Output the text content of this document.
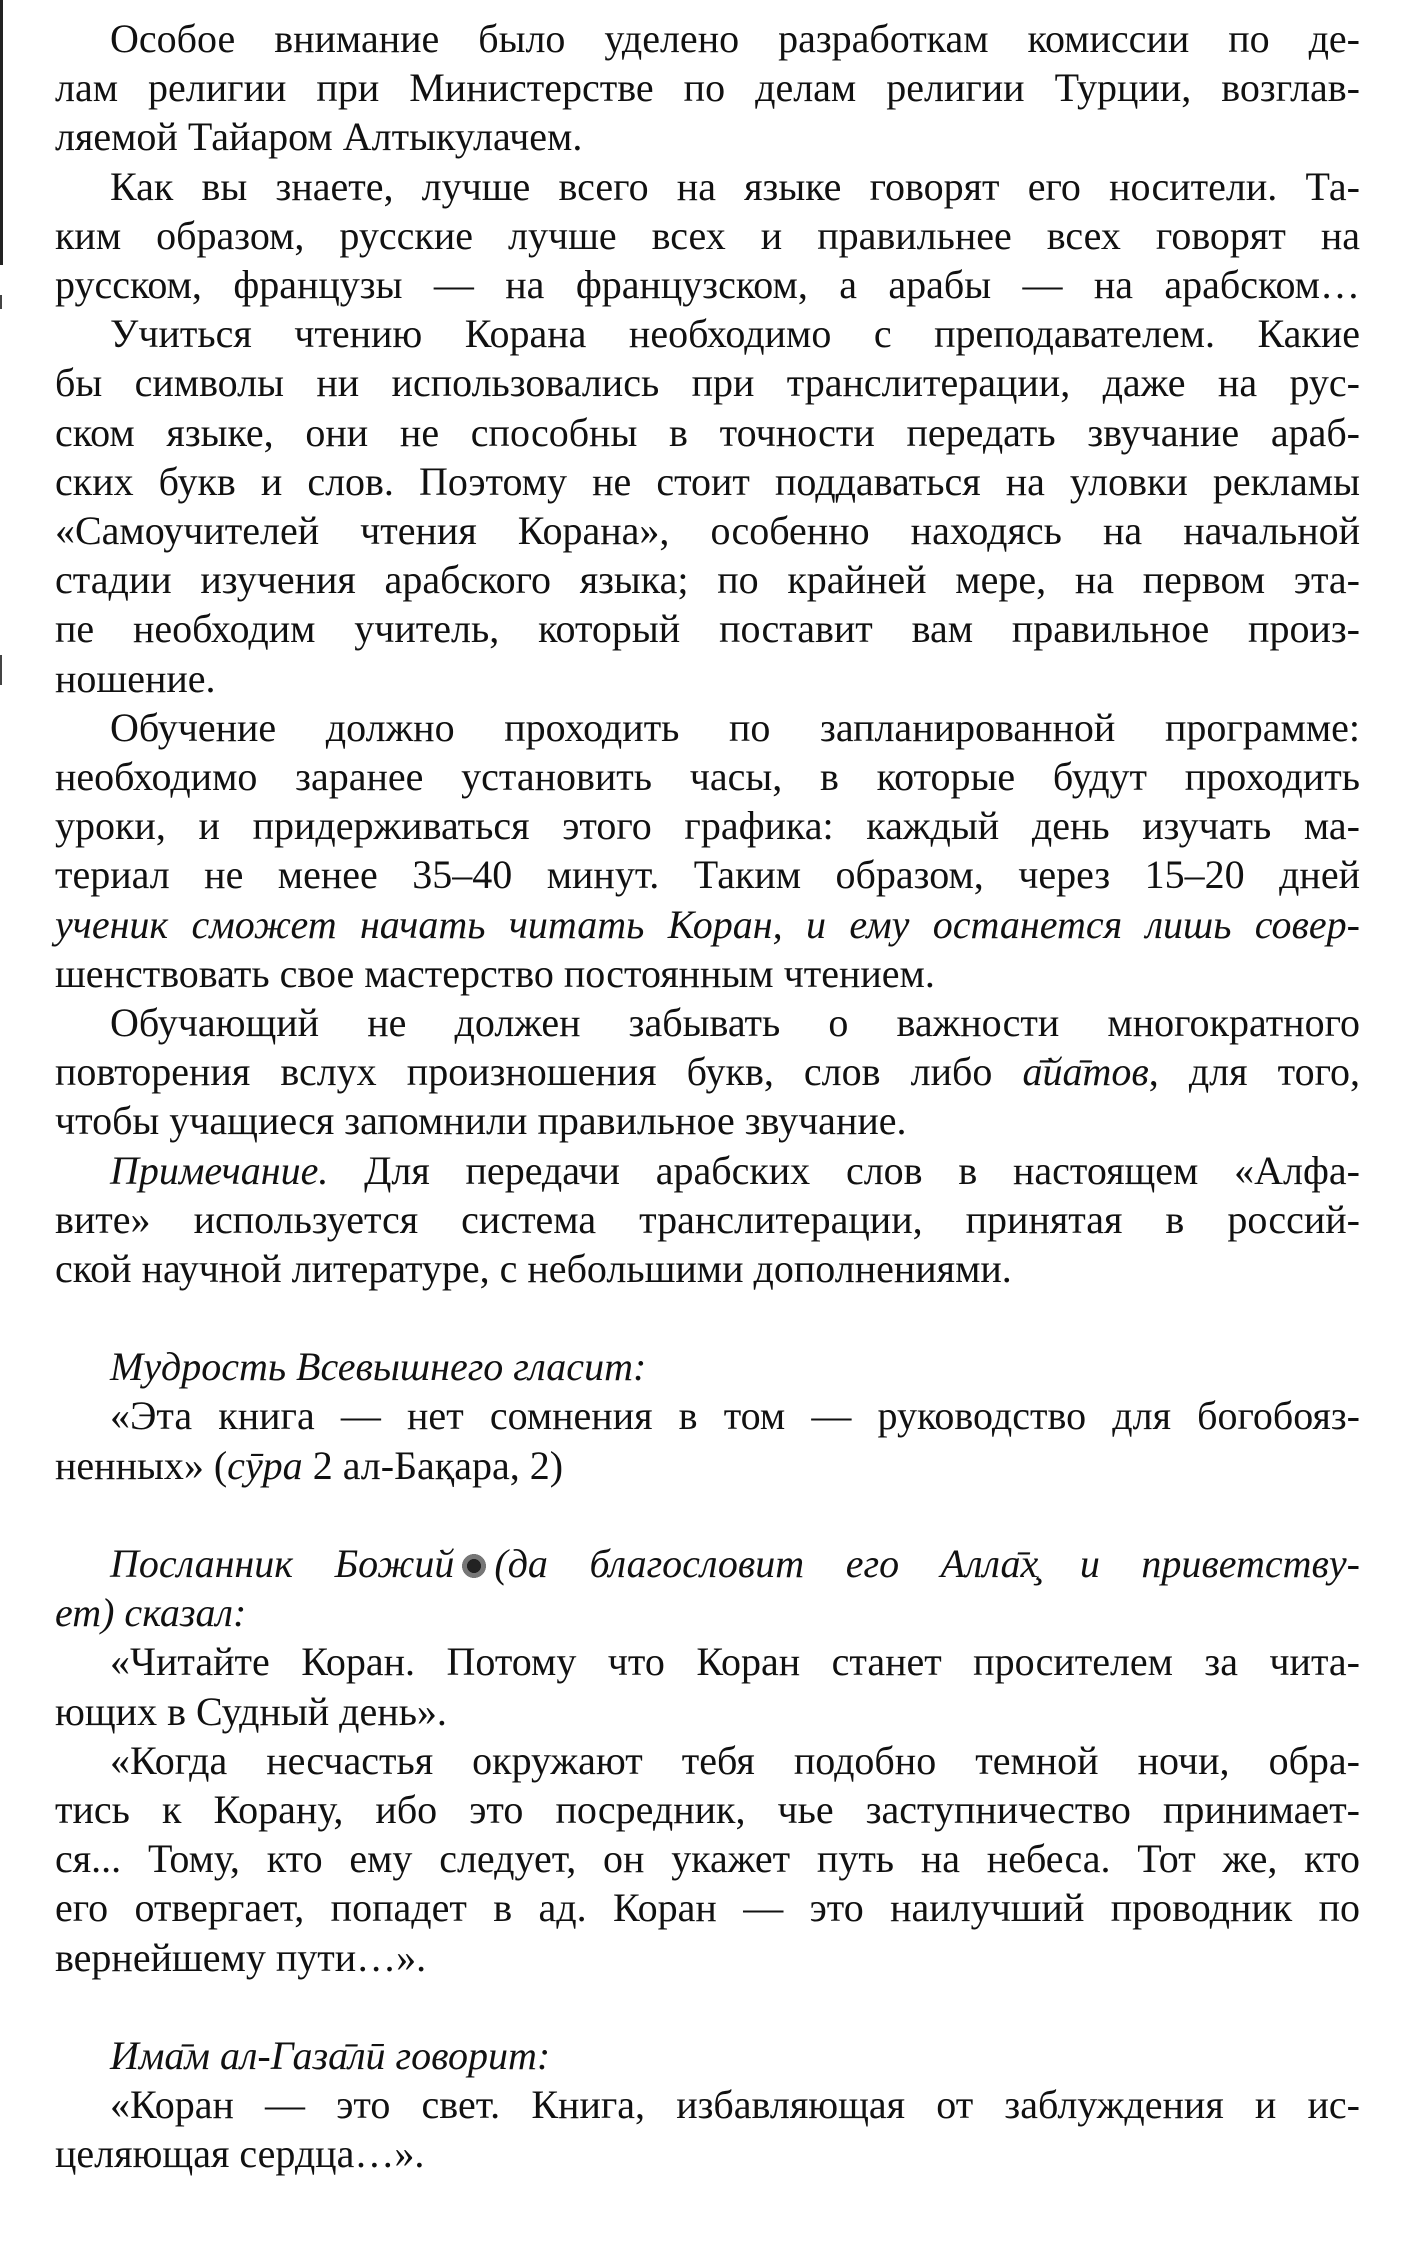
Особое внимание было уделено разработкам комиссии по де-
лам религии при Министерстве по делам религии Турции, возглав-
ляемой Тайаром Алтыкулачем.

Как вы знаете, лучше всего на языке говорят его носители. Та-
ким образом, русские лучше всех и правильнее всех говорят на
русском, французы — на французском, а арабы — на арабском…

Учиться чтению Корана необходимо с преподавателем. Какие
бы символы ни использовались при транслитерации, даже на рус-
ском языке, они не способны в точности передать звучание араб-
ских букв и слов. Поэтому не стоит поддаваться на уловки рекламы
«Самоучителей чтения Корана», особенно находясь на начальной
стадии изучения арабского языка; по крайней мере, на первом эта-
пе необходим учитель, который поставит вам правильное произ-
ношение.

Обучение должно проходить по запланированной программе:
необходимо заранее установить часы, в которые будут проходить
уроки, и придерживаться этого графика: каждый день изучать ма-
териал не менее 35–40 минут. Таким образом, через 15–20 дней
ученик сможет начать читать Коран, и ему останется лишь совер-
шенствовать свое мастерство постоянным чтением.

Обучающий не должен забывать о важности многократного
повторения вслух произношения букв, слов либо а̄йа̄тов, для того,
чтобы учащиеся запомнили правильное звучание.

Примечание. Для передачи арабских слов в настоящем «Алфа-
вите» используется система транслитерации, принятая в россий-
ской научной литературе, с небольшими дополнениями.

Мудрость Всевышнего гласит:

«Эта книга — нет сомнения в том — руководство для богобояз-
ненных» (сӯра 2 ал-Бақара, 2)

Посланник Божий (да благословит его Алла̄х̧ и приветству-

ет) сказал:

«Читайте Коран. Потому что Коран станет просителем за чита-
ющих в Судный день».

«Когда несчастья окружают тебя подобно темной ночи, обра-
тись к Корану, ибо это посредник, чье заступничество принимает-
ся... Тому, кто ему следует, он укажет путь на небеса. Тот же, кто
его отвергает, попадет в ад. Коран — это наилучший проводник по
вернейшему пути…».

Има̄м ал-Газа̄лӣ говорит:

«Коран — это свет. Книга, избавляющая от заблуждения и ис-
целяющая сердца…».
